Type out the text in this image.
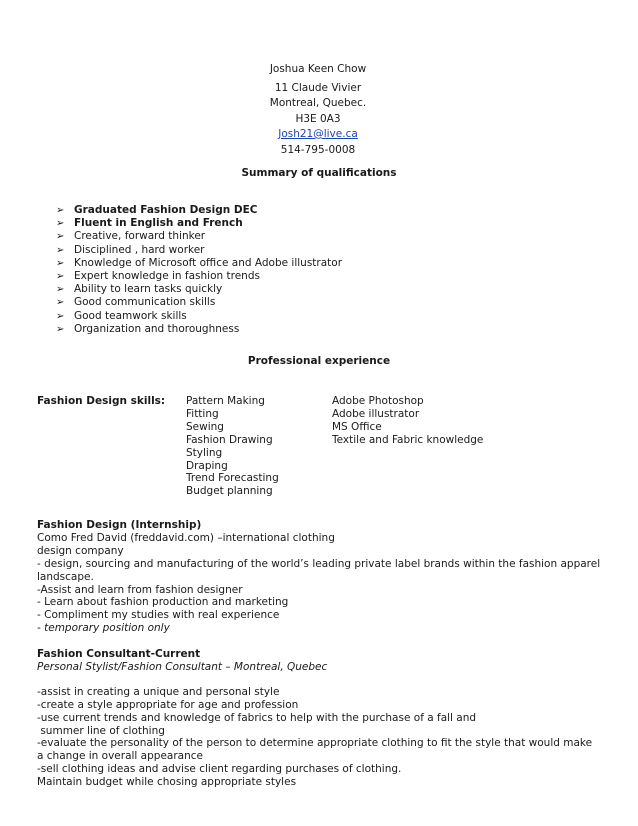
Joshua Keen Chow
11 Claude Vivier
Montreal, Quebec.
H3E 0A3
Josh21@live.ca
514-795-0008
Summary of qualifications
➢ Graduated Fashion Design DEC
➢ Fluent in English and French
➢ Creative, forward thinker
➢ Disciplined , hard worker
➢ Knowledge of Microsoft office and Adobe illustrator
➢ Expert knowledge in fashion trends
➢ Ability to learn tasks quickly
➢ Good communication skills
➢ Good teamwork skills
➢ Organization and thoroughness
Professional experience
Fashion Design skills: Pattern Making
Fitting
Sewing
Fashion Drawing
Styling
Draping
Trend Forecasting
Budget planning
Adobe Photoshop
Adobe illustrator
MS Office
Textile and Fabric knowledge
Fashion Design (Internship)
Como Fred David (freddavid.com) –international clothing
design company
- design, sourcing and manufacturing of the world’s leading private label brands within the fashion apparel
landscape.
-Assist and learn from fashion designer
- Learn about fashion production and marketing
- Compliment my studies with real experience
- temporary position only
Fashion Consultant-Current
Personal Stylist/Fashion Consultant – Montreal, Quebec
-assist in creating a unique and personal style
-create a style appropriate for age and profession
-use current trends and knowledge of fabrics to help with the purchase of a fall and
summer line of clothing
-evaluate the personality of the person to determine appropriate clothing to fit the style that would make
a change in overall appearance
-sell clothing ideas and advise client regarding purchases of clothing.
Maintain budget while chosing appropriate styles
